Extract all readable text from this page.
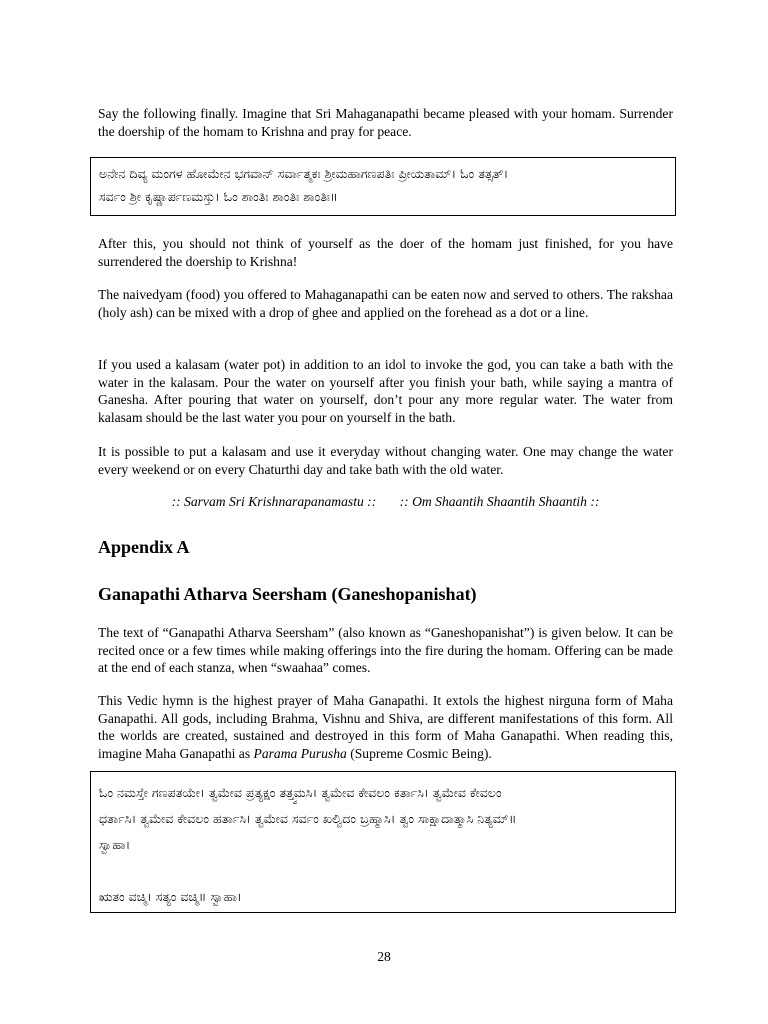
Say the following finally. Imagine that Sri Mahaganapathi became pleased with your homam. Surrender the doership of the homam to Krishna and pray for peace.

ಅನೇನ ದಿವ್ಯ ಮಂಗಳ ಹೋಮೇನ ಭಗವಾನ್ ಸರ್ವಾತ್ಮಕಃ ಶ್ರೀಮಹಾಗಣಪತಿಃ ಪ್ರೀಯತಾಮ್। ಓಂ ತತ್ಸತ್।
ಸರ್ವಂ ಶ್ರೀ ಕೃಷ್ಣಾರ್ಪಣಮಸ್ತು। ಓಂ ಶಾಂತಿಃ ಶಾಂತಿಃ ಶಾಂತಿಃ॥

After this, you should not think of yourself as the doer of the homam just finished, for you have surrendered the doership to Krishna!

The naivedyam (food) you offered to Mahaganapathi can be eaten now and served to others. The rakshaa (holy ash) can be mixed with a drop of ghee and applied on the forehead as a dot or a line.

If you used a kalasam (water pot) in addition to an idol to invoke the god, you can take a bath with the water in the kalasam. Pour the water on yourself after you finish your bath, while saying a mantra of Ganesha. After pouring that water on yourself, don’t pour any more regular water. The water from kalasam should be the last water you pour on yourself in the bath.

It is possible to put a kalasam and use it everyday without changing water. One may change the water every weekend or on every Chaturthi day and take bath with the old water.

:: Sarvam Sri Krishnarapanamastu :: :: Om Shaantih Shaantih Shaantih ::

Appendix A
Ganapathi Atharva Seersham (Ganeshopanishat)

The text of “Ganapathi Atharva Seersham” (also known as “Ganeshopanishat”) is given below. It can be recited once or a few times while making offerings into the fire during the homam. Offering can be made at the end of each stanza, when “swaahaa” comes.

This Vedic hymn is the highest prayer of Maha Ganapathi. It extols the highest nirguna form of Maha Ganapathi. All gods, including Brahma, Vishnu and Shiva, are different manifestations of this form. All the worlds are created, sustained and destroyed in this form of Maha Ganapathi. When reading this, imagine Maha Ganapathi as Parama Purusha (Supreme Cosmic Being).

ಓಂ ನಮಸ್ತೇ ಗಣಪತಯೇ। ತ್ವಮೇವ ಪ್ರತ್ಯಕ್ಷಂ ತತ್ತ್ವಮಸಿ। ತ್ವಮೇವ ಕೇವಲಂ ಕರ್ತಾಸಿ। ತ್ವಮೇವ ಕೇವಲಂ
ಧರ್ತಾಸಿ। ತ್ವಮೇವ ಕೇವಲಂ ಹರ್ತಾಸಿ। ತ್ವಮೇವ ಸರ್ವಂ ಖಲ್ವಿದಂ ಬ್ರಹ್ಮಾಸಿ। ತ್ವಂ ಸಾಕ್ಷಾದಾತ್ಮಾಸಿ ನಿತ್ಯಮ್॥
ಸ್ವಾಹಾ।
ಋತಂ ವಚ್ಮಿ। ಸತ್ಯಂ ವಚ್ಮಿ॥ ಸ್ವಾಹಾ।

28
